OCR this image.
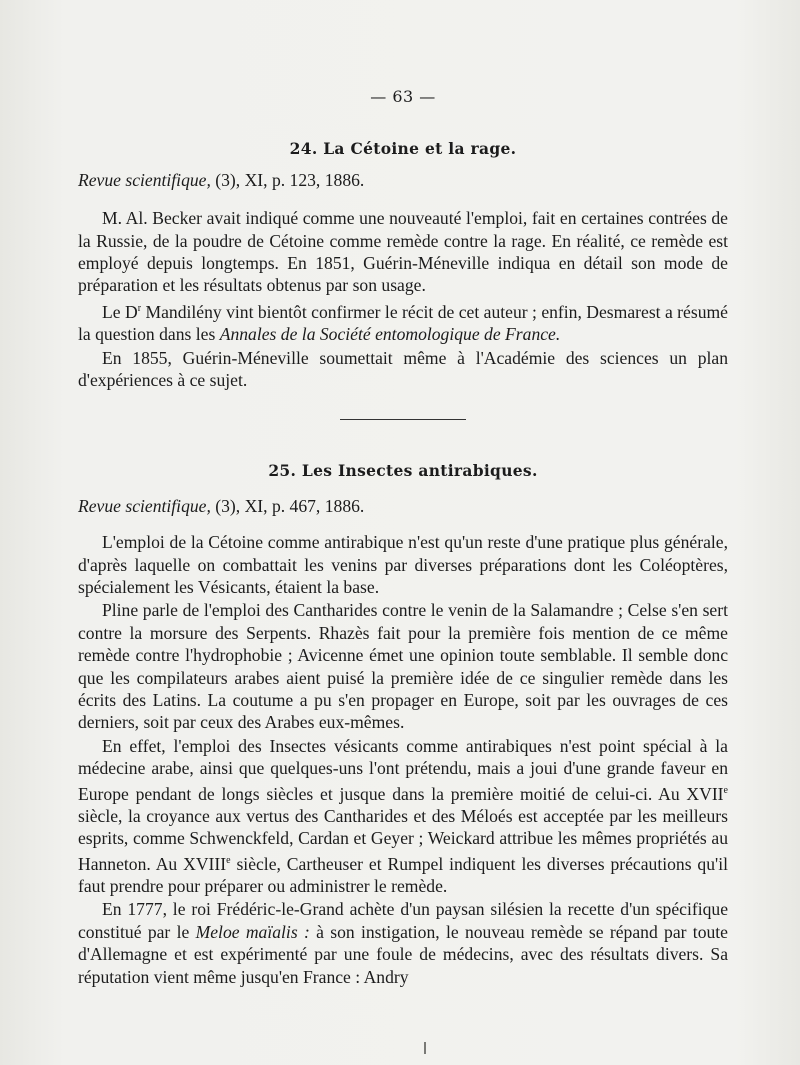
— 63 —
24. La Cétoine et la rage.
Revue scientifique, (3), XI, p. 123, 1886.

M. Al. Becker avait indiqué comme une nouveauté l'emploi, fait en certaines contrées de la Russie, de la poudre de Cétoine comme remède contre la rage. En réalité, ce remède est employé depuis longtemps. En 1851, Guérin-Méneville indiqua en détail son mode de préparation et les résultats obtenus par son usage.

Le $D^r$ Mandilény vint bientôt confirmer le récit de cet auteur ; enfin, Desmarest a résumé la question dans les Annales de la Société entomologique de France.

En 1855, Guérin-Méneville soumettait même à l'Académie des sciences un plan d'expériences à ce sujet.

25. Les Insectes antirabiques.
Revue scientifique, (3), XI, p. 467, 1886.

L'emploi de la Cétoine comme antirabique n'est qu'un reste d'une pratique plus générale, d'après laquelle on combattait les venins par diverses préparations dont les Coléoptères, spécialement les Vésicants, étaient la base.

Pline parle de l'emploi des Cantharides contre le venin de la Salamandre ; Celse s'en sert contre la morsure des Serpents. Rhazès fait pour la première fois mention de ce même remède contre l'hydrophobie ; Avicenne émet une opinion toute semblable. Il semble donc que les compilateurs arabes aient puisé la première idée de ce singulier remède dans les écrits des Latins. La coutume a pu s'en propager en Europe, soit par les ouvrages de ces derniers, soit par ceux des Arabes eux-mêmes.

En effet, l'emploi des Insectes vésicants comme antirabiques n'est point spécial à la médecine arabe, ainsi que quelques-uns l'ont prétendu, mais a joui d'une grande faveur en Europe pendant de longs siècles et jusque dans la première moitié de celui-ci. Au XVIIe siècle, la croyance aux vertus des Cantharides et des Méloés est acceptée par les meilleurs esprits, comme Schwenckfeld, Cardan et Geyer ; Weickard attribue les mêmes propriétés au Hanneton. Au XVIIIe siècle, Cartheuser et Rumpel indiquent les diverses précautions qu'il faut prendre pour préparer ou administrer le remède.

En 1777, le roi Frédéric-le-Grand achète d'un paysan silésien la recette d'un spécifique constitué par le Meloe maïalis : à son instigation, le nouveau remède se répand par toute d'Allemagne et est expérimenté par une foule de médecins, avec des résultats divers. Sa réputation vient même jusqu'en France : Andry
